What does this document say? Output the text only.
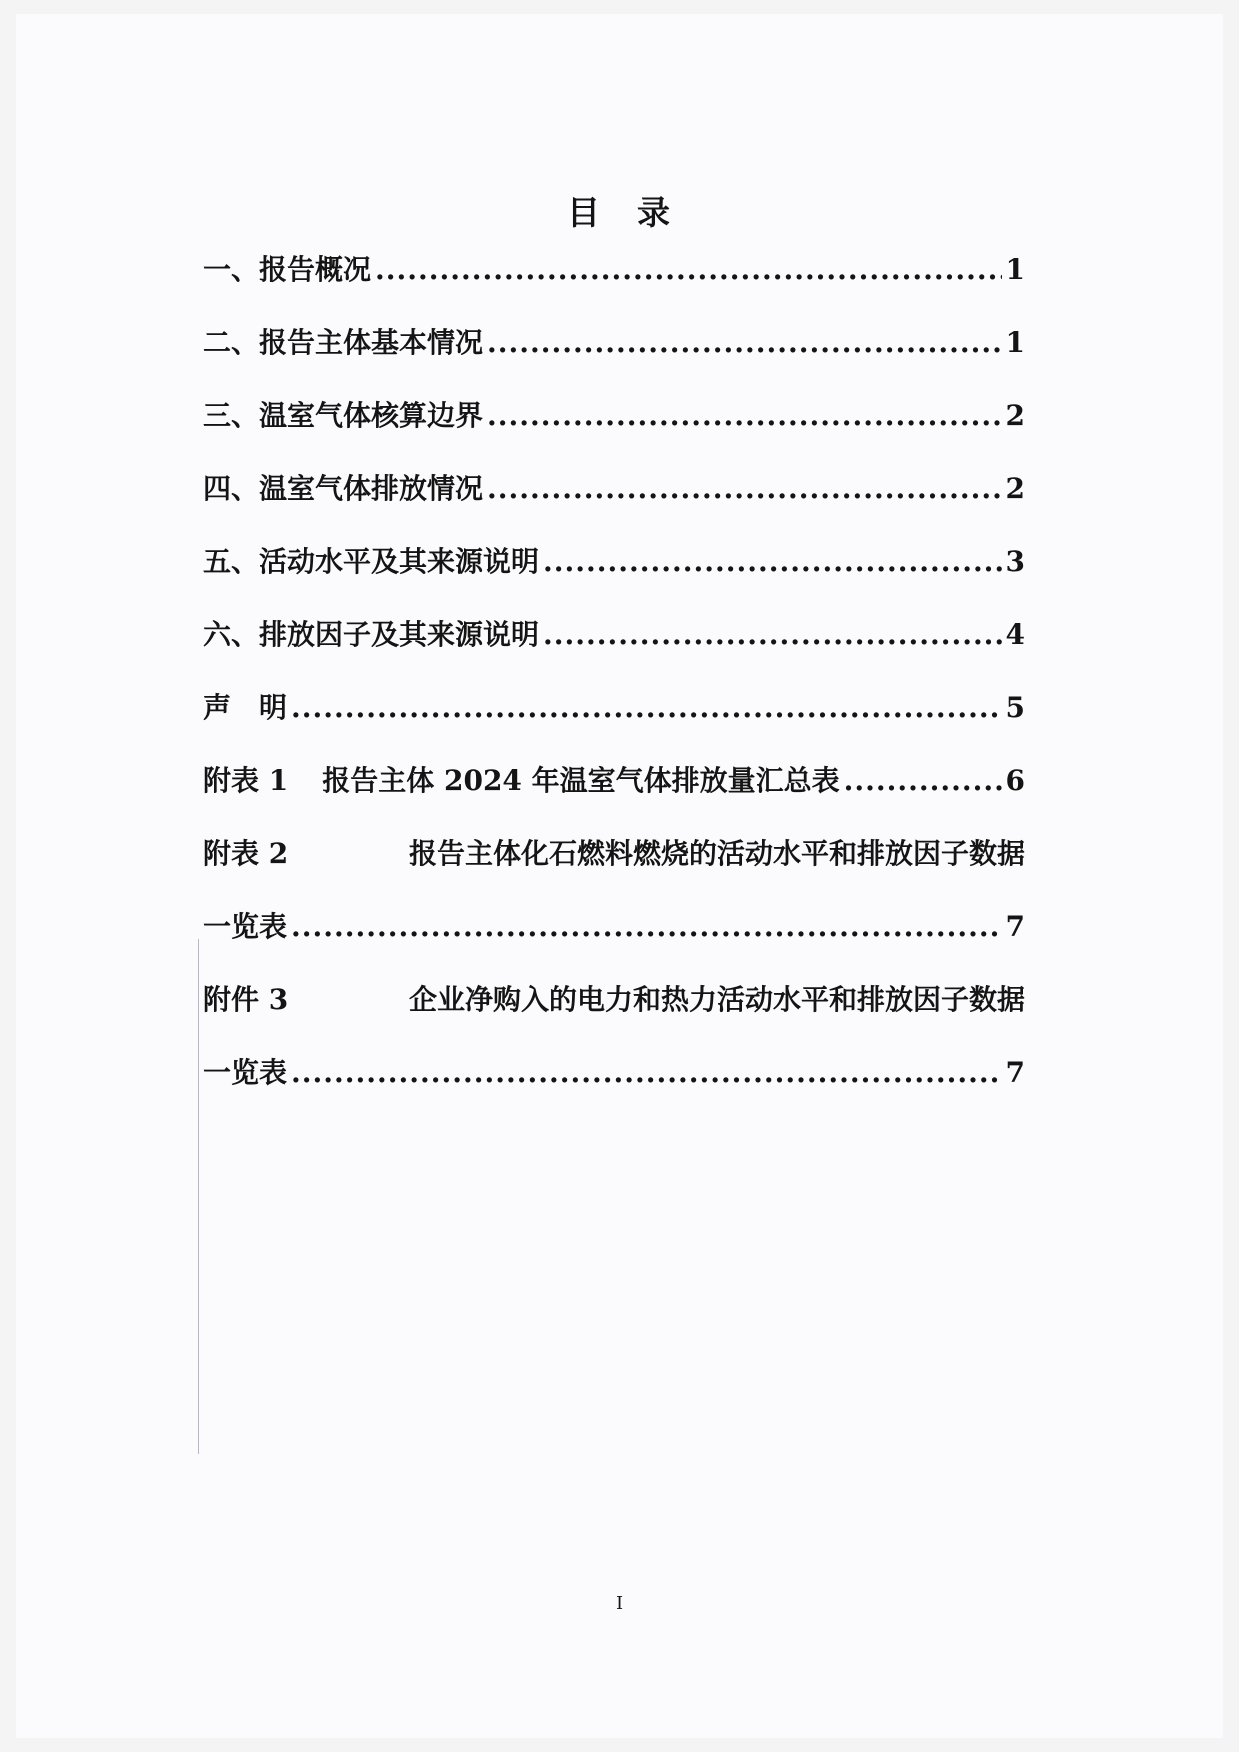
目　录
一、报告概况 .....	1
二、报告主体基本情况 .....	1
三、温室气体核算边界 .....	2
四、温室气体排放情况 .....	2
五、活动水平及其来源说明 .....	3
六、排放因子及其来源说明 .....	4
声　明 .....	5
附表 1 报告主体 2024 年温室气体排放量汇总表 .....	6
附表 2	报告主体化石燃料燃烧的活动水平和排放因子数据
一览表 .....	7
附件 3	企业净购入的电力和热力活动水平和排放因子数据
一览表 .....	7
I
